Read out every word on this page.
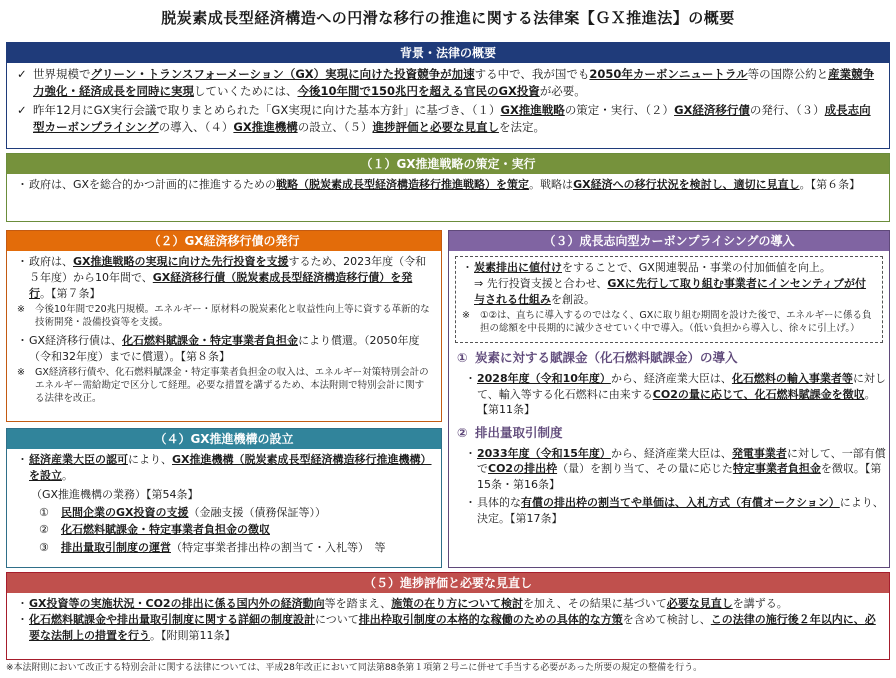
脱炭素成長型経済構造への円滑な移行の推進に関する法律案【ＧＸ推進法】の概要
背景・法律の概要
✓ 世界規模でグリーン・トランスフォーメーション（GX）実現に向けた投資競争が加速する中で、我が国でも2050年カーボンニュートラル等の国際公約と産業競争力強化・経済成長を同時に実現していくためには、今後10年間で150兆円を超える官民のGX投資が必要。
✓ 昨年12月にGX実行会議で取りまとめられた「GX実現に向けた基本方針」に基づき、（１）GX推進戦略の策定・実行、（２）GX経済移行債の発行、（３）成長志向型カーボンプライシングの導入、（４）GX推進機構の設立、（５）進捗評価と必要な見直しを法定。
（１）GX推進戦略の策定・実行
・ 政府は、GXを総合的かつ計画的に推進するための戦略（脱炭素成長型経済構造移行推進戦略）を策定。戦略はGX経済への移行状況を検討し、適切に見直し。【第６条】
（２）GX経済移行債の発行
・ 政府は、GX推進戦略の実現に向けた先行投資を支援するため、2023年度（令和５年度）から10年間で、GX経済移行債（脱炭素成長型経済構造移行債）を発行。【第７条】
※	今後10年間で20兆円規模。エネルギー・原材料の脱炭素化と収益性向上等に資する革新的な技術開発・設備投資等を支援。
・ GX経済移行債は、化石燃料賦課金・特定事業者負担金により償還。（2050年度（令和32年度）までに償還）。【第８条】
※	GX経済移行債や、化石燃料賦課金・特定事業者負担金の収入は、エネルギー対策特別会計のエネルギー需給勘定で区分して経理。必要な措置を講ずるため、本法附則で特別会計に関する法律を改正。
（４）GX推進機構の設立
・ 経済産業大臣の認可により、GX推進機構（脱炭素成長型経済構造移行推進機構）を設立。
（GX推進機構の業務）【第54条】
①	民間企業のGX投資の支援（金融支援（債務保証等））
②	化石燃料賦課金・特定事業者負担金の徴収
③	排出量取引制度の運営（特定事業者排出枠の割当て・入札等）　等
（３）成長志向型カーボンプライシングの導入
・ 炭素排出に値付けをすることで、GX関連製品・事業の付加価値を向上。
⇒ 先行投資支援と合わせ、GXに先行して取り組む事業者にインセンティブが付与される仕組みを創設。
※	①②は、直ちに導入するのではなく、GXに取り組む期間を設けた後で、エネルギーに係る負担の総額を中長期的に減少させていく中で導入。（低い負担から導入し、徐々に引上げ。）
① 炭素に対する賦課金（化石燃料賦課金）の導入
・ 2028年度（令和10年度）から、経済産業大臣は、化石燃料の輸入事業者等に対して、輸入等する化石燃料に由来するCO2の量に応じて、化石燃料賦課金を徴収。【第11条】
② 排出量取引制度
・ 2033年度（令和15年度）から、経済産業大臣は、発電事業者に対して、一部有償でCO2の排出枠（量）を割り当て、その量に応じた特定事業者負担金を徴収。【第15条・第16条】
・ 具体的な有償の排出枠の割当てや単価は、入札方式（有償オークション）により、決定。【第17条】
（５）進捗評価と必要な見直し
・ GX投資等の実施状況・CO2の排出に係る国内外の経済動向等を踏まえ、施策の在り方について検討を加え、その結果に基づいて必要な見直しを講ずる。
・ 化石燃料賦課金や排出量取引制度に関する詳細の制度設計について排出枠取引制度の本格的な稼働のための具体的な方策を含めて検討し、この法律の施行後２年以内に、必要な法制上の措置を行う。【附則第11条】
※本法附則において改正する特別会計に関する法律については、平成28年改正において同法第88条第１項第２号ニに併せて手当する必要があった所要の規定の整備を行う。
